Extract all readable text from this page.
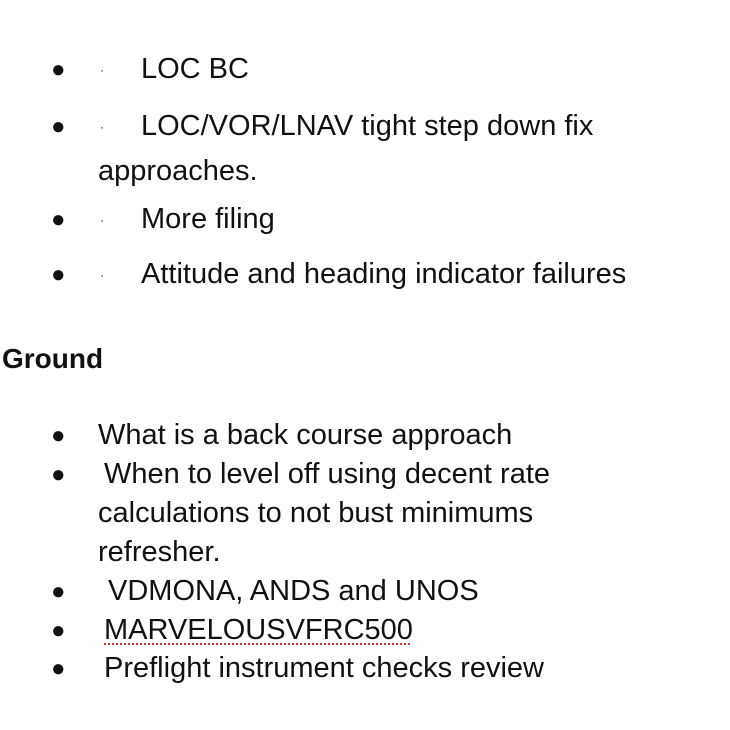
●	· LOC BC
●	· LOC/VOR/LNAV tight step down fix
approaches.
●	· More filing
●	· Attitude and heading indicator failures
Ground
● What is a back course approach
● When to level off using decent rate
calculations to not bust minimums
refresher.
● VDMONA, ANDS and UNOS
● MARVELOUSVFRC500
● Preflight instrument checks review
